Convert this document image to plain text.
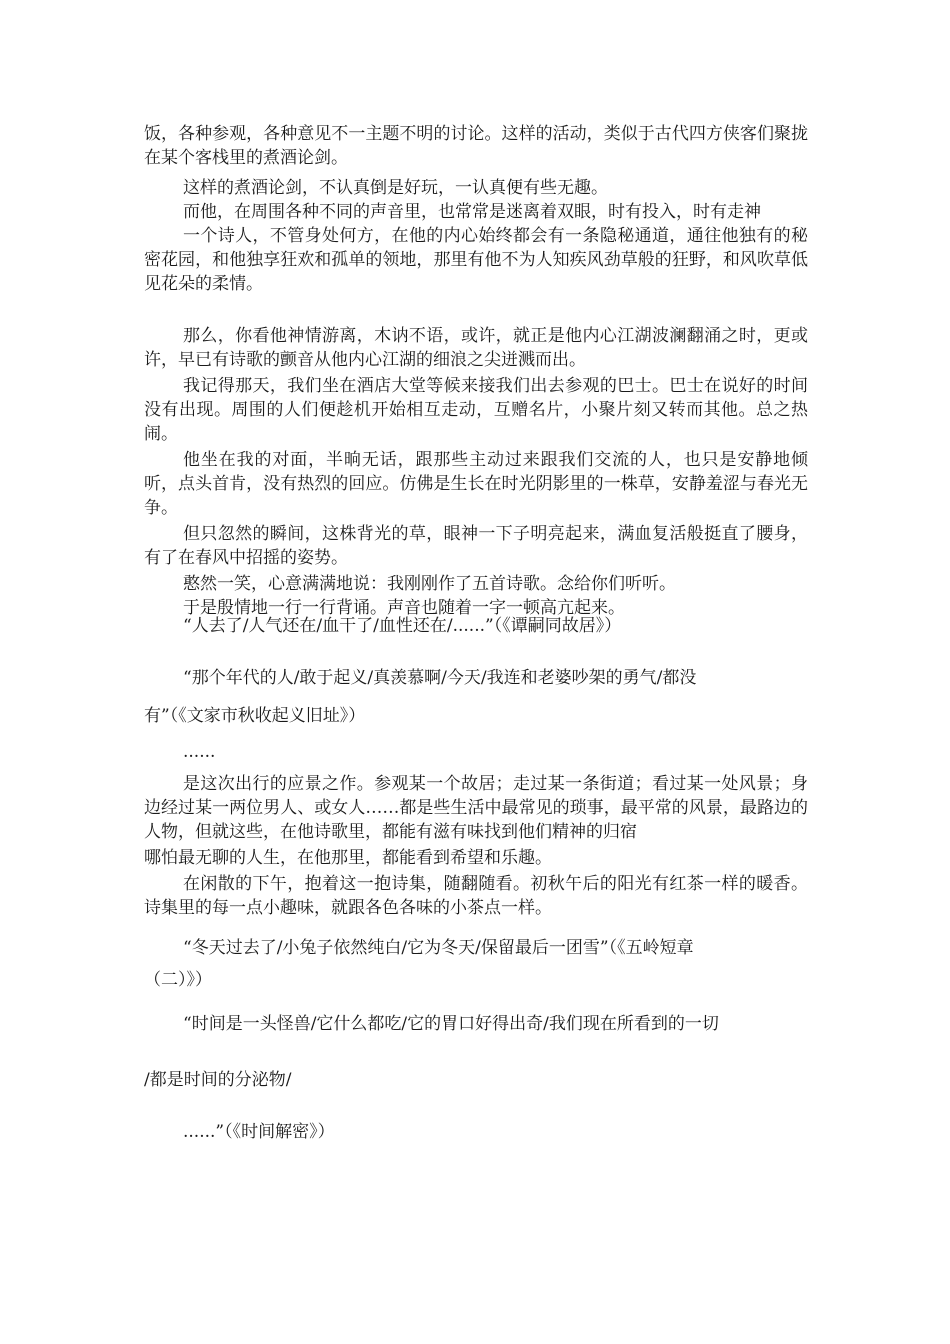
饭，各种参观，各种意见不一主题不明的讨论。这样的活动，类似于古代四方侠客们聚拢在某个客栈里的煮酒论剑。

这样的煮酒论剑，不认真倒是好玩，一认真便有些无趣。

而他，在周围各种不同的声音里，也常常是迷离着双眼，时有投入，时有走神

一个诗人，不管身处何方，在他的内心始终都会有一条隐秘通道，通往他独有的秘密花园，和他独享狂欢和孤单的领地，那里有他不为人知疾风劲草般的狂野，和风吹草低见花朵的柔情。

那么，你看他神情游离，木讷不语，或许，就正是他内心江湖波澜翻涌之时，更或许，早已有诗歌的颤音从他内心江湖的细浪之尖迸溅而出。

我记得那天，我们坐在酒店大堂等候来接我们出去参观的巴士。巴士在说好的时间没有出现。周围的人们便趁机开始相互走动，互赠名片，小聚片刻又转而其他。总之热闹。

他坐在我的对面，半晌无话，跟那些主动过来跟我们交流的人，也只是安静地倾听，点头首肯，没有热烈的回应。仿佛是生长在时光阴影里的一株草，安静羞涩与春光无争。

但只忽然的瞬间，这株背光的草，眼神一下子明亮起来，满血复活般挺直了腰身，有了在春风中招摇的姿势。

憨然一笑，心意满满地说：我刚刚作了五首诗歌。念给你们听听。

于是殷情地一行一行背诵。声音也随着一字一顿高亢起来。

“人去了/人气还在/血干了/血性还在/......”（《谭嗣同故居》）
“那个年代的人/敢于起义/真羡慕啊/今天/我连和老婆吵架的勇气/都没
有”（《文家市秋收起义旧址》）
......

是这次出行的应景之作。参观某一个故居；走过某一条街道；看过某一处风景；身边经过某一两位男人、或女人……都是些生活中最常见的琐事，最平常的风景，最路边的人物，但就这些，在他诗歌里，都能有滋有味找到他们精神的归宿

哪怕最无聊的人生，在他那里，都能看到希望和乐趣。

在闲散的下午，抱着这一抱诗集，随翻随看。初秋午后的阳光有红茶一样的暖香。诗集里的每一点小趣味，就跟各色各味的小茶点一样。

“冬天过去了/小兔子依然纯白/它为冬天/保留最后一团雪”（《五岭短章
（二）》）
“时间是一头怪兽/它什么都吃/它的胃口好得出奇/我们现在所看到的一切
/都是时间的分泌物/
......”（《时间解密》）
